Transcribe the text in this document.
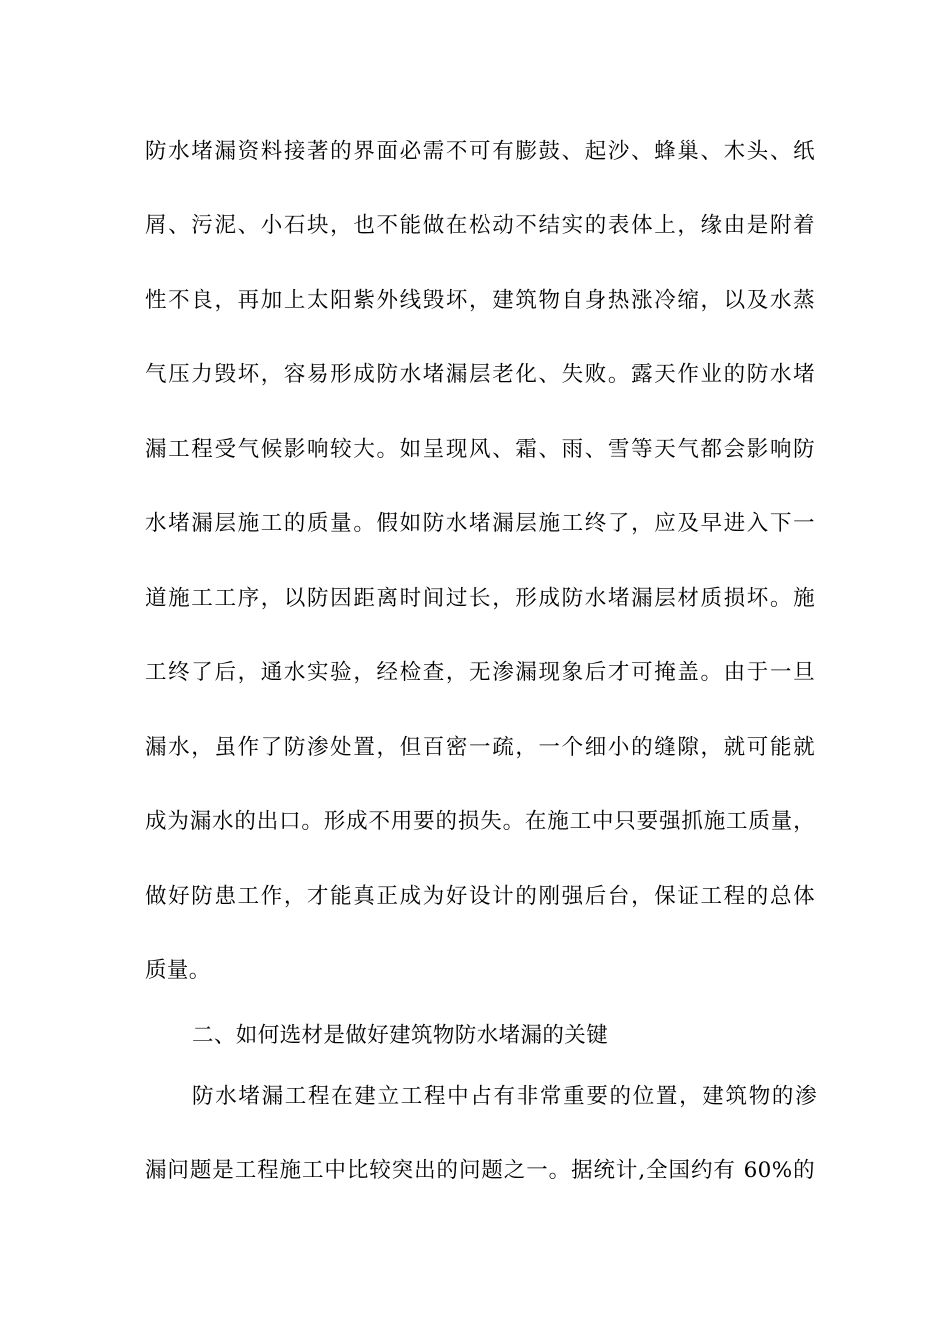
防水堵漏资料接著的界面必需不可有膨鼓、起沙、蜂巢、木头、纸
屑、污泥、小石块，也不能做在松动不结实的表体上，缘由是附着
性不良，再加上太阳紫外线毁坏，建筑物自身热涨冷缩，以及水蒸
气压力毁坏，容易形成防水堵漏层老化、失败。露天作业的防水堵
漏工程受气候影响较大。如呈现风、霜、雨、雪等天气都会影响防
水堵漏层施工的质量。假如防水堵漏层施工终了，应及早进入下一
道施工工序，以防因距离时间过长，形成防水堵漏层材质损坏。施
工终了后，通水实验，经检查，无渗漏现象后才可掩盖。由于一旦
漏水，虽作了防渗处置，但百密一疏，一个细小的缝隙，就可能就
成为漏水的出口。形成不用要的损失。在施工中只要强抓施工质量，
做好防患工作，才能真正成为好设计的刚强后台，保证工程的总体
质量。
二、如何选材是做好建筑物防水堵漏的关键
防水堵漏工程在建立工程中占有非常重要的位置，建筑物的渗
漏问题是工程施工中比较突出的问题之一。据统计,全国约有 60%的
